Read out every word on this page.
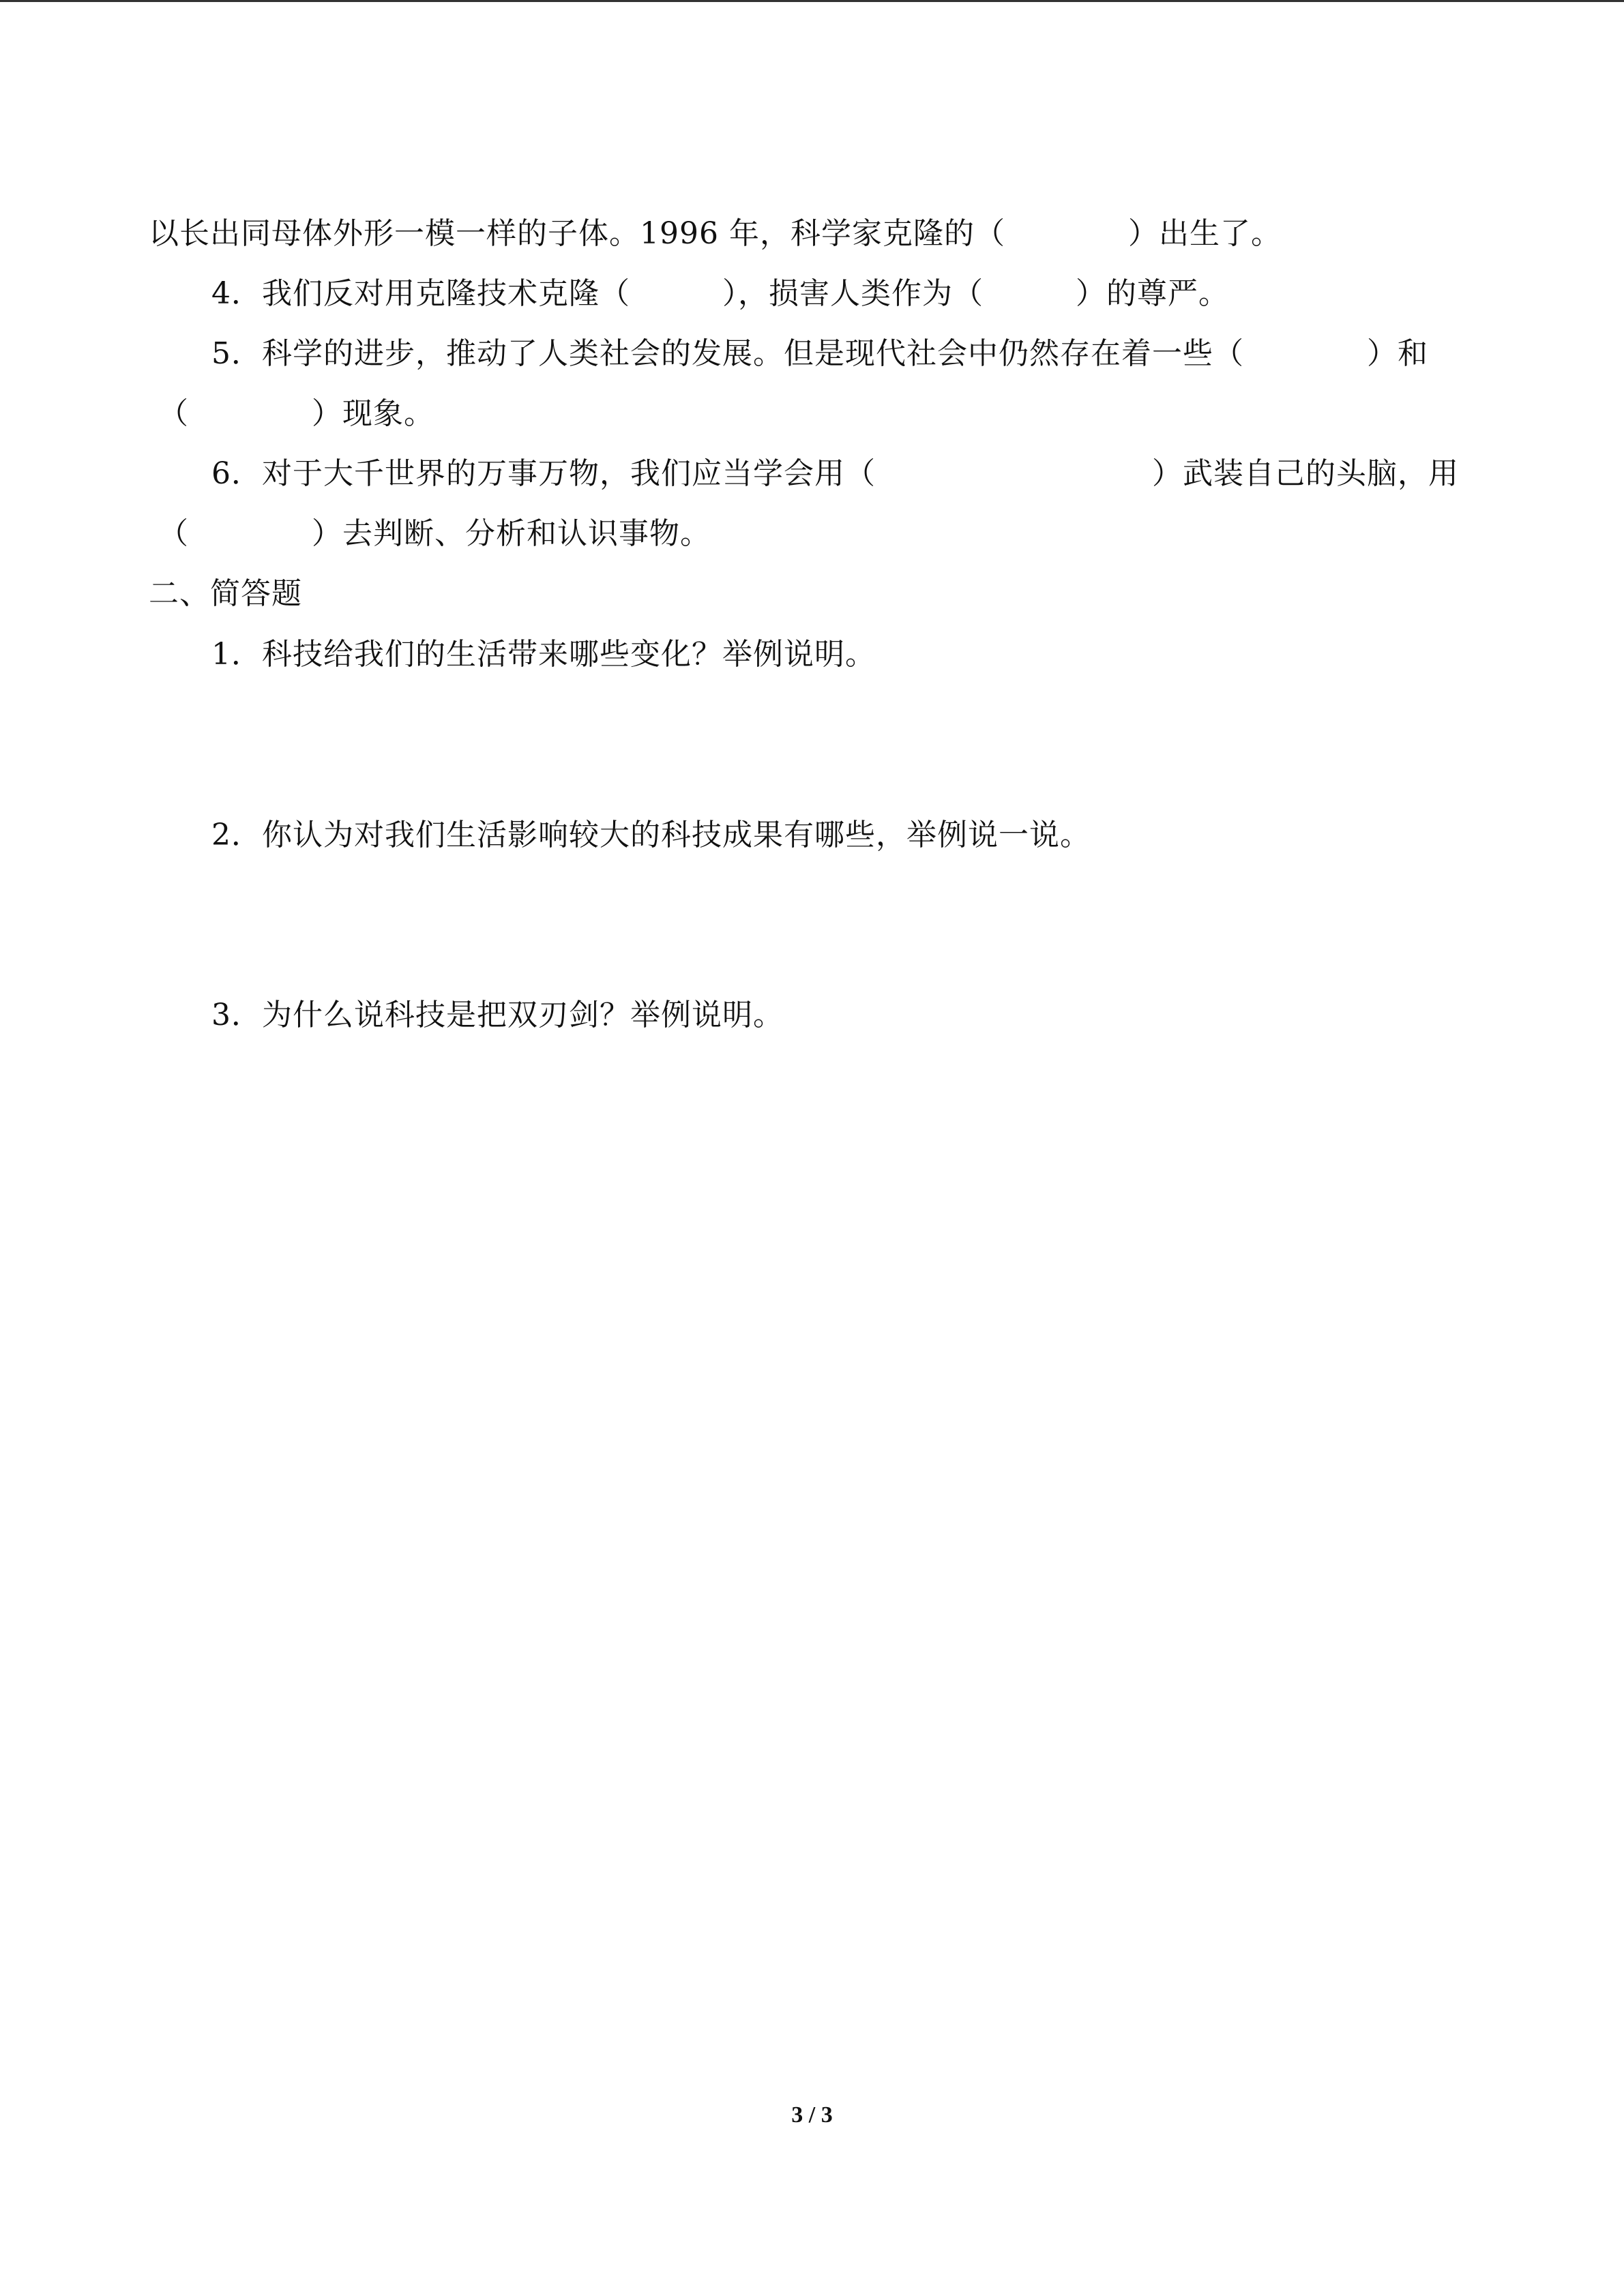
以长出同母体外形一模一样的子体。1996 年，科学家克隆的（　　　　）出生了。
4．我们反对用克隆技术克隆（　　　），损害人类作为（　　　）的尊严。
5．科学的进步，推动了人类社会的发展。但是现代社会中仍然存在着一些（　　　　）和
（　　　　）现象。
6．对于大千世界的万事万物，我们应当学会用（　　　　　　　　　）武装自己的头脑，用
（　　　　）去判断、分析和认识事物。
二、简答题
1．科技给我们的生活带来哪些变化？举例说明。
2．你认为对我们生活影响较大的科技成果有哪些，举例说一说。
3．为什么说科技是把双刃剑？举例说明。
3 / 3
